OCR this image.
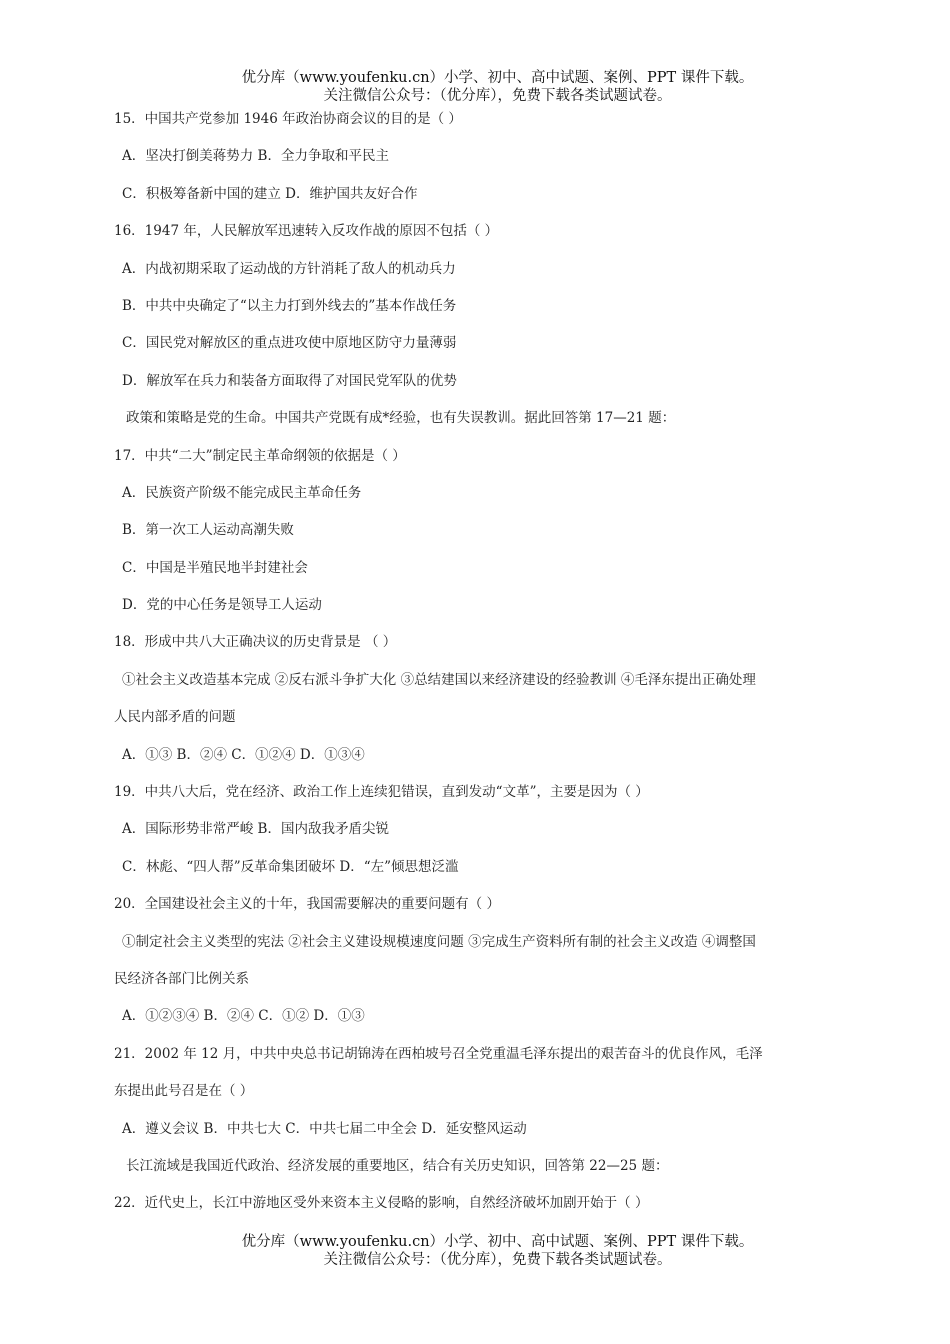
优分库（www.youfenku.cn）小学、初中、高中试题、案例、PPT 课件下载。
关注微信公众号：（优分库），免费下载各类试题试卷。
15．中国共产党参加 1946 年政治协商会议的目的是（ ）
A．坚决打倒美蒋势力 B．全力争取和平民主
C．积极筹备新中国的建立 D．维护国共友好合作
16．1947 年，人民解放军迅速转入反攻作战的原因不包括（ ）
A．内战初期采取了运动战的方针消耗了敌人的机动兵力
B．中共中央确定了“以主力打到外线去的”基本作战任务
C．国民党对解放区的重点进攻使中原地区防守力量薄弱
D．解放军在兵力和装备方面取得了对国民党军队的优势
政策和策略是党的生命。中国共产党既有成*经验，也有失误教训。据此回答第 17—21 题：
17．中共“二大”制定民主革命纲领的依据是（ ）
A．民族资产阶级不能完成民主革命任务
B．第一次工人运动高潮失败
C．中国是半殖民地半封建社会
D．党的中心任务是领导工人运动
18．形成中共八大正确决议的历史背景是 （ ）
①社会主义改造基本完成 ②反右派斗争扩大化 ③总结建国以来经济建设的经验教训 ④毛泽东提出正确处理
人民内部矛盾的问题
A．①③ B．②④ C．①②④ D．①③④
19．中共八大后，党在经济、政治工作上连续犯错误，直到发动“文革”，主要是因为（ ）
A．国际形势非常严峻 B．国内敌我矛盾尖锐
C．林彪、“四人帮”反革命集团破坏 D．“左”倾思想泛滥
20．全国建设社会主义的十年，我国需要解决的重要问题有（ ）
①制定社会主义类型的宪法 ②社会主义建设规模速度问题 ③完成生产资料所有制的社会主义改造 ④调整国
民经济各部门比例关系
A．①②③④ B．②④ C．①② D．①③
21．2002 年 12 月，中共中央总书记胡锦涛在西柏坡号召全党重温毛泽东提出的艰苦奋斗的优良作风，毛泽
东提出此号召是在（ ）
A．遵义会议 B．中共七大 C．中共七届二中全会 D．延安整风运动
长江流域是我国近代政治、经济发展的重要地区，结合有关历史知识，回答第 22—25 题：
22．近代史上，长江中游地区受外来资本主义侵略的影响，自然经济破坏加剧开始于（ ）
优分库（www.youfenku.cn）小学、初中、高中试题、案例、PPT 课件下载。
关注微信公众号：（优分库），免费下载各类试题试卷。
